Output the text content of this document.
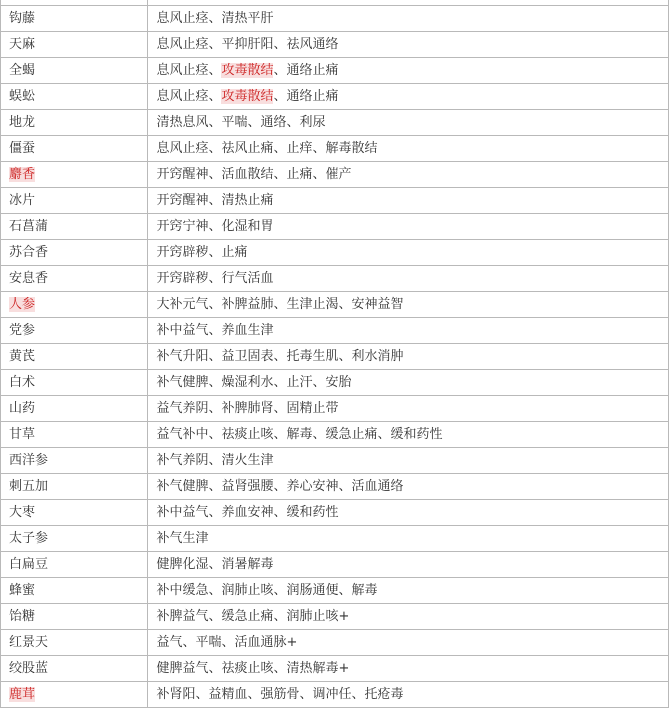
钩藤	息风止痉、清热平肝
天麻	息风止痉、平抑肝阳、祛风通络
全蝎	息风止痉、攻毒散结、通络止痛
蜈蚣	息风止痉、攻毒散结、通络止痛
地龙	清热息风、平喘、通络、利尿
僵蚕	息风止痉、祛风止痛、止痒、解毒散结
麝香	开窍醒神、活血散结、止痛、催产
冰片	开窍醒神、清热止痛
石菖蒲	开窍宁神、化湿和胃
苏合香	开窍辟秽、止痛
安息香	开窍辟秽、行气活血
人参	大补元气、补脾益肺、生津止渴、安神益智
党参	补中益气、养血生津
黄芪	补气升阳、益卫固表、托毒生肌、利水消肿
白术	补气健脾、燥湿利水、止汗、安胎
山药	益气养阴、补脾肺肾、固精止带
甘草	益气补中、祛痰止咳、解毒、缓急止痛、缓和药性
西洋参	补气养阴、清火生津
刺五加	补气健脾、益肾强腰、养心安神、活血通络
大枣	补中益气、养血安神、缓和药性
太子参	补气生津
白扁豆	健脾化湿、消暑解毒
蜂蜜	补中缓急、润肺止咳、润肠通便、解毒
饴糖	补脾益气、缓急止痛、润肺止咳+
红景天	益气、平喘、活血通脉+
绞股蓝	健脾益气、祛痰止咳、清热解毒+
鹿茸	补肾阳、益精血、强筋骨、调冲任、托疮毒
